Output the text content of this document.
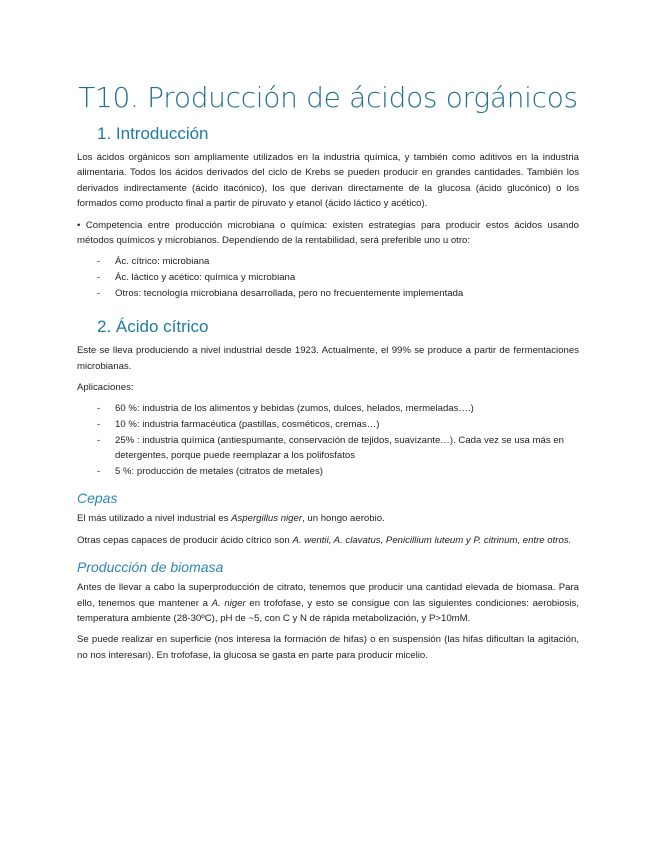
T10. Producción de ácidos orgánicos
1. Introducción

Los ácidos orgánicos son ampliamente utilizados en la industria química, y también como aditivos en la industria alimentaria. Todos los ácidos derivados del ciclo de Krebs se pueden producir en grandes cantidades. También los derivados indirectamente (ácido itacónico), los que derivan directamente de la glucosa (ácido glucónico) o los formados como producto final a partir de piruvato y etanol (ácido láctico y acético).

• Competencia entre producción microbiana o química: existen estrategias para producir estos ácidos usando métodos químicos y microbianos. Dependiendo de la rentabilidad, será preferible uno u otro:

- Ác. cítrico: microbiana
- Ác. láctico y acético: química y microbiana
- Otros: tecnología microbiana desarrollada, pero no frecuentemente implementada
2. Ácido cítrico

Este se lleva produciendo a nivel industrial desde 1923. Actualmente, el 99% se produce a partir de fermentaciones microbianas.

Aplicaciones:

- 60 %: industria de los alimentos y bebidas (zumos, dulces, helados, mermeladas….)
- 10 %: industria farmacéutica (pastillas, cosméticos, cremas…)
- 25% : industria química (antiespumante, conservación de tejidos, suavizante…). Cada vez se usa más en detergentes, porque puede reemplazar a los polifosfatos
- 5 %: producción de metales (citratos de metales)
Cepas

El más utilizado a nivel industrial es Aspergillus niger, un hongo aerobio.

Otras cepas capaces de producir ácido cítrico son A. wentii, A. clavatus, Penicillium luteum y P. citrinum, entre otros.

Producción de biomasa

Antes de llevar a cabo la superproducción de citrato, tenemos que producir una cantidad elevada de biomasa. Para ello, tenemos que mantener a A. niger en trofofase, y esto se consigue con las siguientes condiciones: aerobiosis, temperatura ambiente (28-30ºC), pH de ~5, con C y N de rápida metabolización, y P>10mM.

Se puede realizar en superficie (nos interesa la formación de hifas) o en suspensión (las hifas dificultan la agitación, no nos interesan). En trofofase, la glucosa se gasta en parte para producir micelio.
